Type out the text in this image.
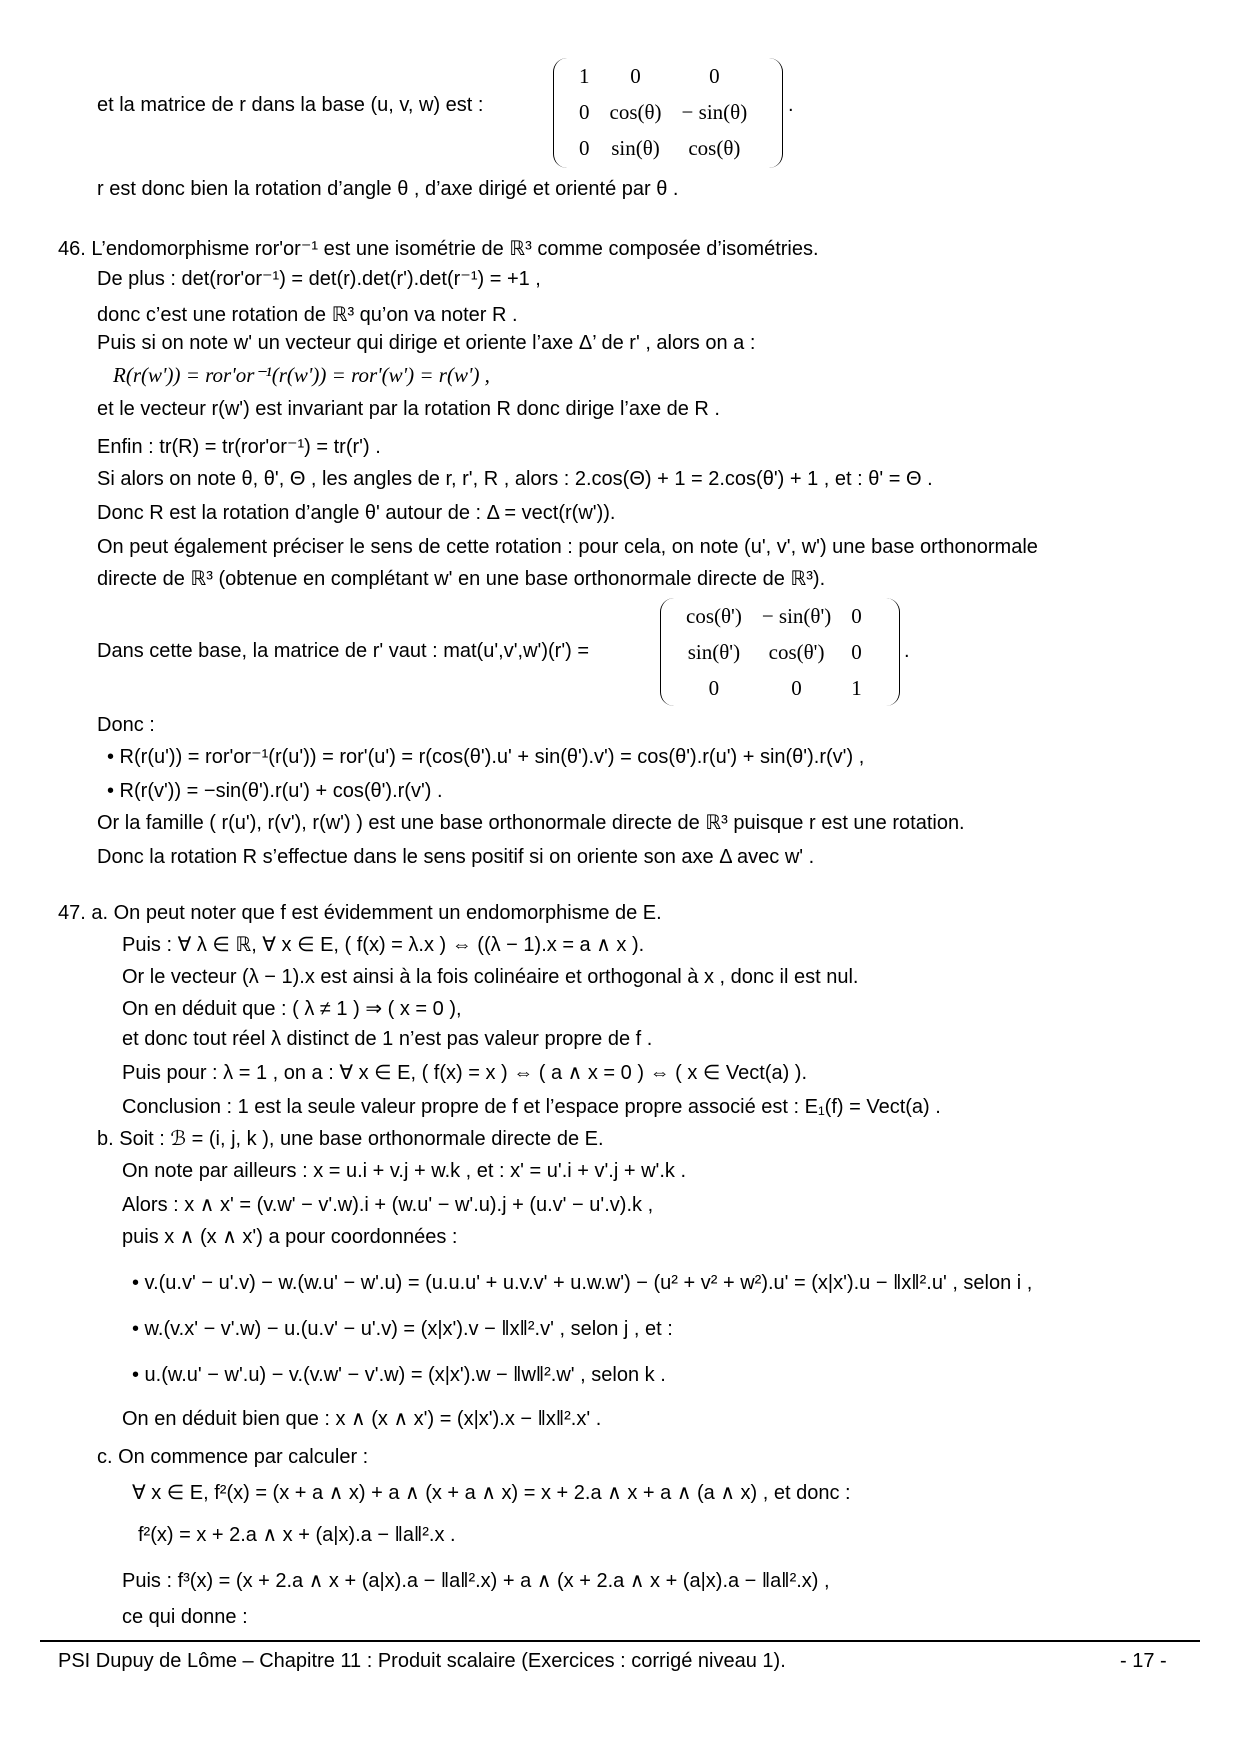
et la matrice de r dans la base (u, v, w) est :
1	0	0
0	cos(θ)	− sin(θ)
0	sin(θ)	cos(θ)
.
r est donc bien la rotation d’angle θ , d’axe dirigé et orienté par θ .
46. L’endomorphisme ror'or⁻¹ est une isométrie de ℝ³ comme composée d’isométries.
De plus : det(ror'or⁻¹) = det(r).det(r').det(r⁻¹) = +1 ,
donc c’est une rotation de ℝ³ qu’on va noter R .
Puis si on note w' un vecteur qui dirige et oriente l’axe Δ’ de r' , alors on a :
R(r(w')) = ror'or⁻¹(r(w')) = ror'(w') = r(w') ,
et le vecteur r(w') est invariant par la rotation R donc dirige l’axe de R .
Enfin : tr(R) = tr(ror'or⁻¹) = tr(r') .
Si alors on note θ, θ', Θ , les angles de r, r', R , alors : 2.cos(Θ) + 1 = 2.cos(θ') + 1 , et : θ' = Θ .
Donc R est la rotation d’angle θ' autour de : Δ = vect(r(w')).
On peut également préciser le sens de cette rotation : pour cela, on note (u', v', w') une base orthonormale
directe de ℝ³ (obtenue en complétant w' en une base orthonormale directe de ℝ³).
Dans cette base, la matrice de r' vaut : mat(u',v',w')(r') =
cos(θ')	− sin(θ')	0
sin(θ')	cos(θ')	0
0	0	1
.
Donc :
• R(r(u')) = ror'or⁻¹(r(u')) = ror'(u') = r(cos(θ').u' + sin(θ').v') = cos(θ').r(u') + sin(θ').r(v') ,
• R(r(v')) = −sin(θ').r(u') + cos(θ').r(v') .
Or la famille ( r(u'), r(v'), r(w') ) est une base orthonormale directe de ℝ³ puisque r est une rotation.
Donc la rotation R s’effectue dans le sens positif si on oriente son axe Δ avec w' .
47. a. On peut noter que f est évidemment un endomorphisme de E.
Puis : ∀ λ ∈ ℝ, ∀ x ∈ E, ( f(x) = λ.x ) ⇔ ((λ − 1).x = a ∧ x ).
Or le vecteur (λ − 1).x est ainsi à la fois colinéaire et orthogonal à x , donc il est nul.
On en déduit que : ( λ ≠ 1 ) ⇒ ( x = 0 ),
et donc tout réel λ distinct de 1 n’est pas valeur propre de f .
Puis pour : λ = 1 , on a : ∀ x ∈ E, ( f(x) = x ) ⇔ ( a ∧ x = 0 ) ⇔ ( x ∈ Vect(a) ).
Conclusion : 1 est la seule valeur propre de f et l’espace propre associé est : E₁(f) = Vect(a) .
b. Soit : ℬ = (i, j, k ), une base orthonormale directe de E.
On note par ailleurs : x = u.i + v.j + w.k , et : x' = u'.i + v'.j + w'.k .
Alors : x ∧ x' = (v.w' − v'.w).i + (w.u' − w'.u).j + (u.v' − u'.v).k ,
puis x ∧ (x ∧ x') a pour coordonnées :
• v.(u.v' − u'.v) − w.(w.u' − w'.u) = (u.u.u' + u.v.v' + u.w.w') − (u² + v² + w²).u' = (x|x').u − ‖x‖².u' , selon i ,
• w.(v.x' − v'.w) − u.(u.v' − u'.v) = (x|x').v − ‖x‖².v' , selon j , et :
• u.(w.u' − w'.u) − v.(v.w' − v'.w) = (x|x').w − ‖w‖².w' , selon k .
On en déduit bien que : x ∧ (x ∧ x') = (x|x').x − ‖x‖².x' .
c. On commence par calculer :
∀ x ∈ E, f²(x) = (x + a ∧ x) + a ∧ (x + a ∧ x) = x + 2.a ∧ x + a ∧ (a ∧ x) , et donc :
f²(x) = x + 2.a ∧ x + (a|x).a − ‖a‖².x .
Puis : f³(x) = (x + 2.a ∧ x + (a|x).a − ‖a‖².x) + a ∧ (x + 2.a ∧ x + (a|x).a − ‖a‖².x) ,
ce qui donne :
PSI Dupuy de Lôme – Chapitre 11 : Produit scalaire (Exercices : corrigé niveau 1).	- 17 -
